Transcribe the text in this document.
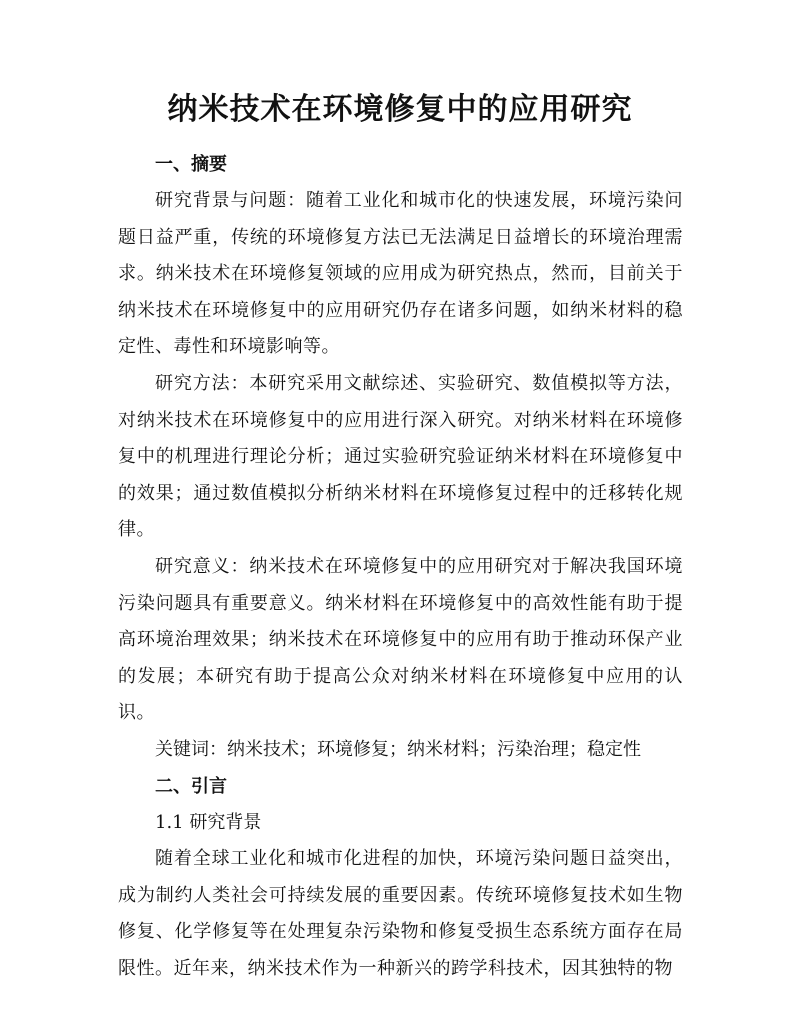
纳米技术在环境修复中的应用研究

一、摘要

研究背景与问题：随着工业化和城市化的快速发展，环境污染问题日益严重，传统的环境修复方法已无法满足日益增长的环境治理需求。纳米技术在环境修复领域的应用成为研究热点，然而，目前关于纳米技术在环境修复中的应用研究仍存在诸多问题，如纳米材料的稳定性、毒性和环境影响等。

研究方法：本研究采用文献综述、实验研究、数值模拟等方法，对纳米技术在环境修复中的应用进行深入研究。对纳米材料在环境修复中的机理进行理论分析；通过实验研究验证纳米材料在环境修复中的效果；通过数值模拟分析纳米材料在环境修复过程中的迁移转化规律。

研究意义：纳米技术在环境修复中的应用研究对于解决我国环境污染问题具有重要意义。纳米材料在环境修复中的高效性能有助于提高环境治理效果；纳米技术在环境修复中的应用有助于推动环保产业的发展；本研究有助于提高公众对纳米材料在环境修复中应用的认识。

关键词：纳米技术；环境修复；纳米材料；污染治理；稳定性

二、引言

1.1 研究背景

随着全球工业化和城市化进程的加快，环境污染问题日益突出，成为制约人类社会可持续发展的重要因素。传统环境修复技术如生物修复、化学修复等在处理复杂污染物和修复受损生态系统方面存在局限性。近年来，纳米技术作为一种新兴的跨学科技术，因其独特的物
